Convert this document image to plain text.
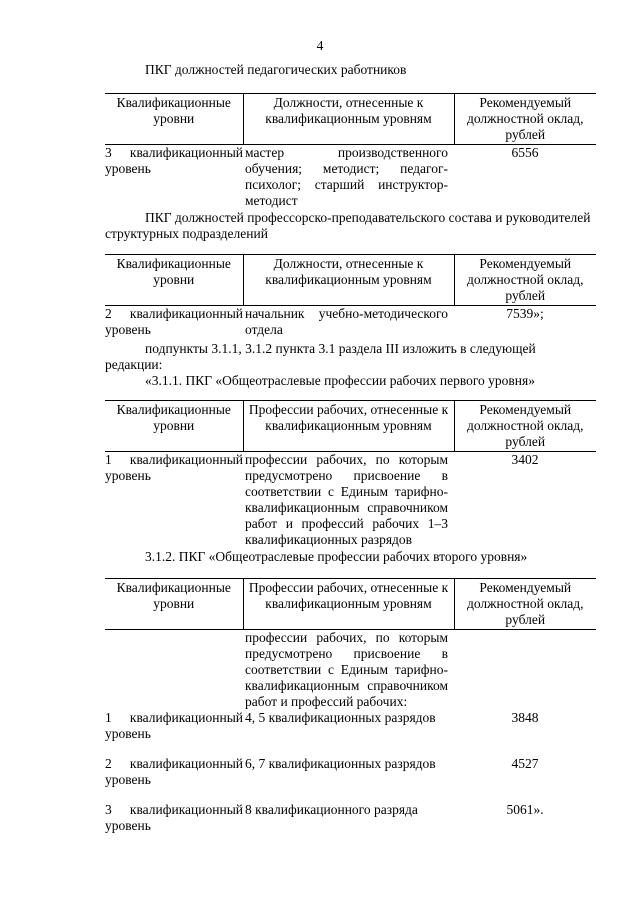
4
ПКГ должностей педагогических работников
Квалификационные уровни	Должности, отнесенные к квалификационным уровням	Рекомендуемый должностной оклад, рублей
3 квалификационный уровень	мастер производственного обучения; методист; педагог-психолог; старший инструктор-методист	6556
ПКГ должностей профессорско-преподавательского состава и руководителей структурных подразделений
Квалификационные уровни	Должности, отнесенные к квалификационным уровням	Рекомендуемый должностной оклад, рублей
2 квалификационный уровень	начальник учебно-методического отдела	7539»;
подпункты 3.1.1, 3.1.2 пункта 3.1 раздела III изложить в следующей редакции:
«3.1.1. ПКГ «Общеотраслевые профессии рабочих первого уровня»
Квалификационные уровни	Профессии рабочих, отнесенные к квалификационным уровням	Рекомендуемый должностной оклад, рублей
1 квалификационный уровень	профессии рабочих, по которым предусмотрено присвоение в соответствии с Единым тарифно-квалификационным справочником работ и профессий рабочих 1–3 квалификационных разрядов	3402
3.1.2. ПКГ «Общеотраслевые профессии рабочих второго уровня»
Квалификационные уровни	Профессии рабочих, отнесенные к квалификационным уровням	Рекомендуемый должностной оклад, рублей
	профессии рабочих, по которым предусмотрено присвоение в соответствии с Единым тарифно-квалификационным справочником работ и профессий рабочих:	
1 квалификационный уровень	4, 5 квалификационных разрядов	3848

2 квалификационный уровень	6, 7 квалификационных разрядов	4527

3 квалификационный уровень	8 квалификационного разряда	5061».
